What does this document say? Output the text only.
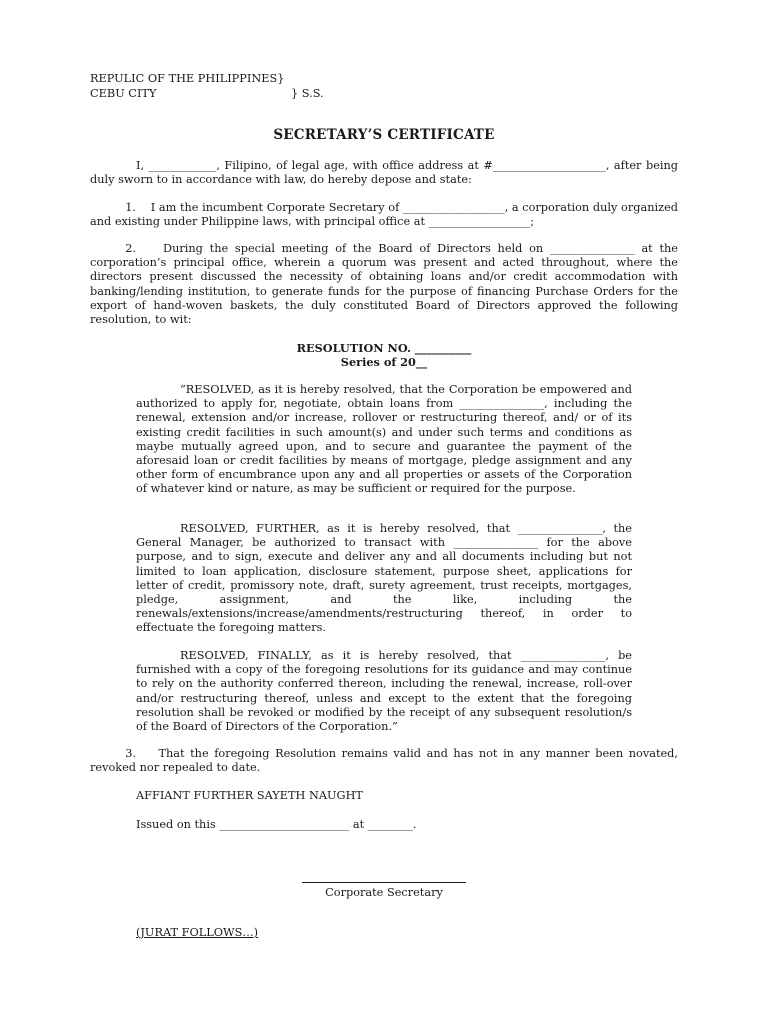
REPULIC OF THE PHILIPPINES}
CEBU CITY	} S.S.
SECRETARY’S CERTIFICATE
I, ____________, Filipino, of legal age, with office address at #____________________, after being duly sworn to in accordance with law, do hereby depose and state:
1. I am the incumbent Corporate Secretary of __________________, a corporation duly organized and existing under Philippine laws, with principal office at __________________;
2. During the special meeting of the Board of Directors held on _______________ at the corporation’s principal office, wherein a quorum was present and acted throughout, where the directors present discussed the necessity of obtaining loans and/or credit accommodation with banking/lending institution, to generate funds for the purpose of financing Purchase Orders for the export of hand-woven baskets, the duly constituted Board of Directors approved the following resolution, to wit:
RESOLUTION NO. __________
Series of 20__
“RESOLVED, as it is hereby resolved, that the Corporation be empowered and authorized to apply for, negotiate, obtain loans from _______________, including the renewal, extension and/or increase, rollover or restructuring thereof, and/ or of its existing credit facilities in such amount(s) and under such terms and conditions as maybe mutually agreed upon, and to secure and guarantee the payment of the aforesaid loan or credit facilities by means of mortgage, pledge assignment and any other form of encumbrance upon any and all properties or assets of the Corporation of whatever kind or nature, as may be sufficient or required for the purpose.
RESOLVED, FURTHER, as it is hereby resolved, that _______________, the General Manager, be authorized to transact with _______________ for the above purpose, and to sign, execute and deliver any and all documents including but not limited to loan application, disclosure statement, purpose sheet, applications for letter of credit, promissory note, draft, surety agreement, trust receipts, mortgages, pledge, assignment, and the like, including the renewals/extensions/increase/amendments/restructuring thereof, in order to effectuate the foregoing matters.
RESOLVED, FINALLY, as it is hereby resolved, that _______________, be furnished with a copy of the foregoing resolutions for its guidance and may continue to rely on the authority conferred thereon, including the renewal, increase, roll-over and/or restructuring thereof, unless and except to the extent that the foregoing resolution shall be revoked or modified by the receipt of any subsequent resolution/s of the Board of Directors of the Corporation.”
3. That the foregoing Resolution remains valid and has not in any manner been novated, revoked nor repealed to date.
AFFIANT FURTHER SAYETH NAUGHT
Issued on this _______________________ at ________.
Corporate Secretary
(JURAT FOLLOWS…)
